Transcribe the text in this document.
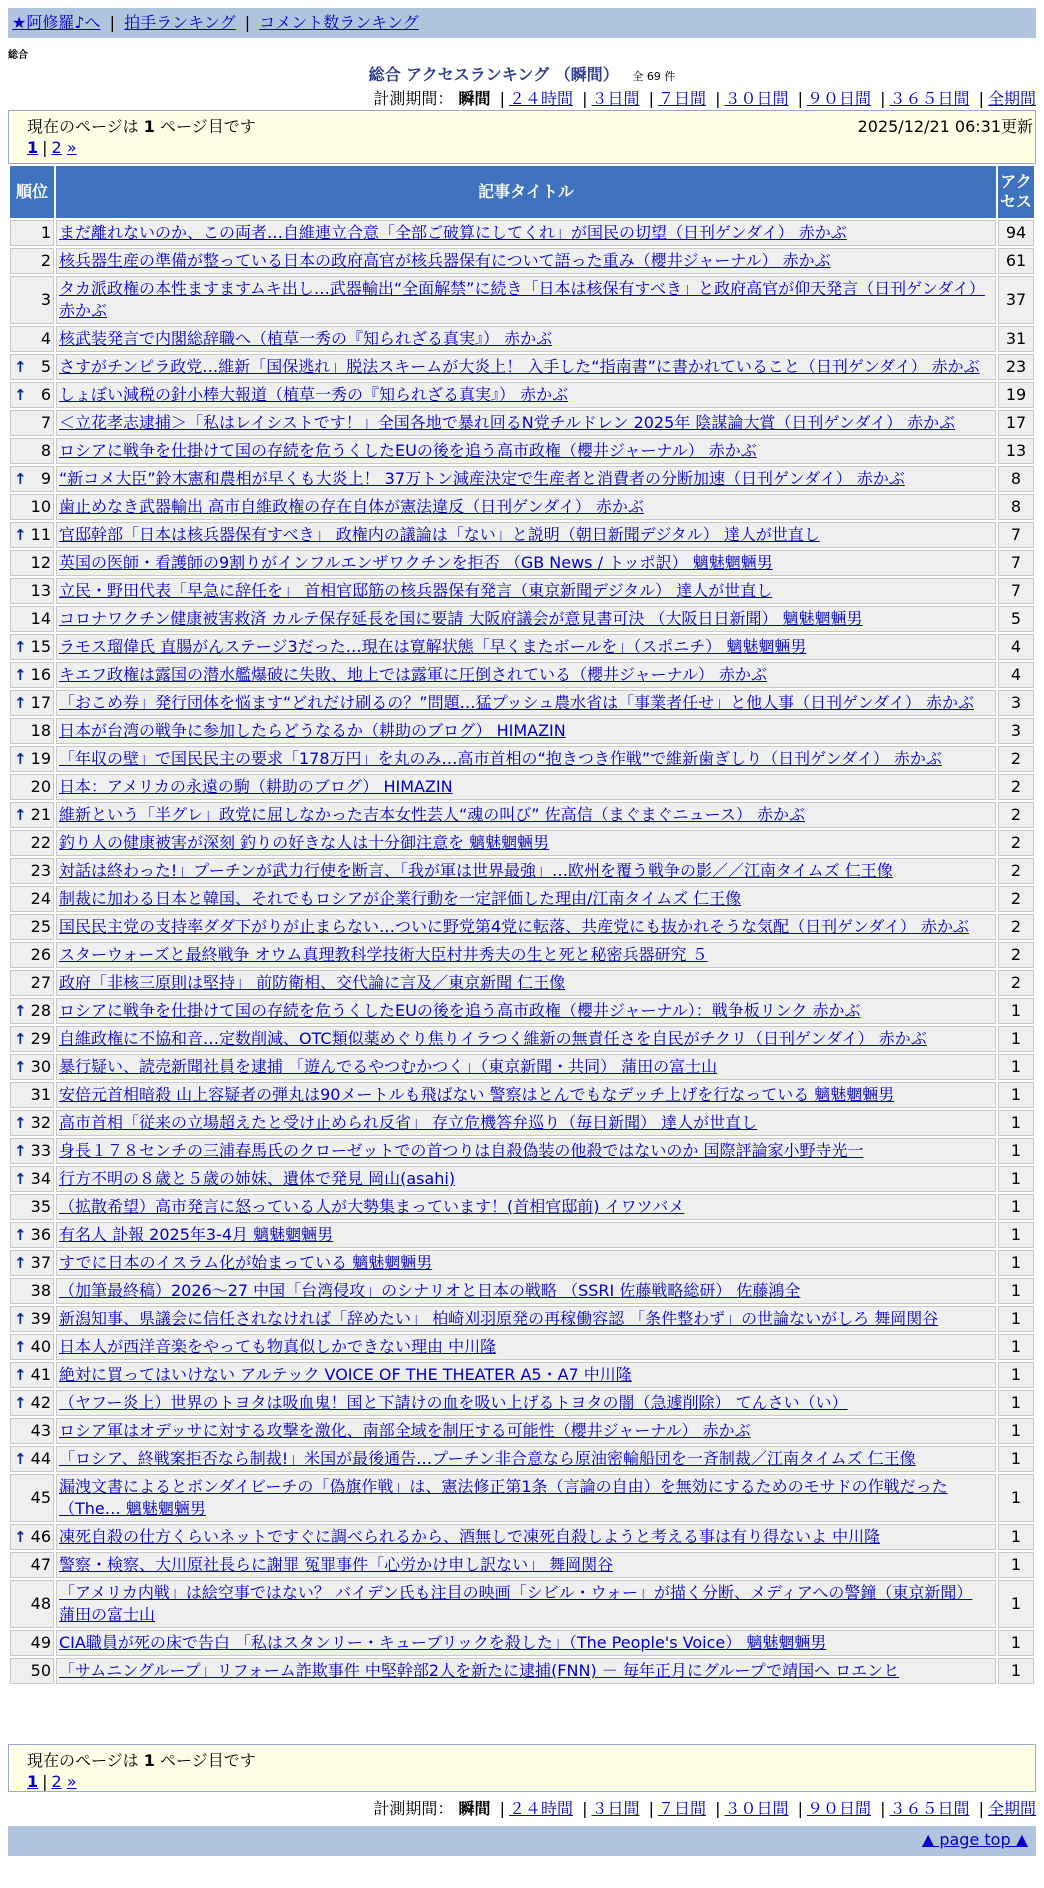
★阿修羅♪へ | 拍手ランキング | コメント数ランキング
総合
総合 アクセスランキング （瞬間） 全 69 件
計測期間： 瞬間 | ２４時間 | ３日間 | ７日間 | ３０日間 | ９０日間 | ３６５日間 | 全期間
現在のページは 1 ページ目です	2025/12/21 06:31更新
1 | 2 »
順位	記事タイトル	アクセス
1	まだ離れないのか、この両者…自維連立合意「全部ご破算にしてくれ」が国民の切望（日刊ゲンダイ） 赤かぶ	94
2	核兵器生産の準備が整っている日本の政府高官が核兵器保有について語った重み（櫻井ジャーナル） 赤かぶ	61
3	タカ派政権の本性ますますムキ出し…武器輸出“全面解禁”に続き「日本は核保有すべき」と政府高官が仰天発言（日刊ゲンダイ） 赤かぶ	37
4	核武装発言で内閣総辞職へ（植草一秀の『知られざる真実』） 赤かぶ	31

↑ 5	さすがチンピラ政党…維新「国保逃れ」脱法スキームが大炎上！ 入手した“指南書”に書かれていること（日刊ゲンダイ） 赤かぶ	23

↑ 6	しょぼい減税の針小棒大報道（植草一秀の『知られざる真実』） 赤かぶ	19
7	＜立花孝志逮捕＞「私はレイシストです！」全国各地で暴れ回るN党チルドレン 2025年 陰謀論大賞（日刊ゲンダイ） 赤かぶ	17
8	ロシアに戦争を仕掛けて国の存続を危うくしたEUの後を追う高市政権（櫻井ジャーナル） 赤かぶ	13

↑ 9	“新コメ大臣”鈴木憲和農相が早くも大炎上！ 37万トン減産決定で生産者と消費者の分断加速（日刊ゲンダイ） 赤かぶ	8
10	歯止めなき武器輸出 高市自維政権の存在自体が憲法違反（日刊ゲンダイ） 赤かぶ	8

↑ 11	官邸幹部「日本は核兵器保有すべき」 政権内の議論は「ない」と説明（朝日新聞デジタル） 達人が世直し	7
12	英国の医師・看護師の9割りがインフルエンザワクチンを拒否 （GB News / トッポ訳） 魑魅魍魎男	7
13	立民・野田代表「早急に辞任を」 首相官邸筋の核兵器保有発言（東京新聞デジタル） 達人が世直し	7
14	コロナワクチン健康被害救済 カルテ保存延長を国に要請 大阪府議会が意見書可決 （大阪日日新聞） 魑魅魍魎男	5

↑ 15	ラモス瑠偉氏 直腸がんステージ3だった…現在は寛解状態「早くまたボールを」（スポニチ） 魑魅魍魎男	4

↑ 16	キエフ政権は露国の潜水艦爆破に失敗、地上では露軍に圧倒されている（櫻井ジャーナル） 赤かぶ	4

↑ 17	「おこめ券」発行団体を悩ます“どれだけ刷るの？”問題…猛プッシュ農水省は「事業者任せ」と他人事（日刊ゲンダイ） 赤かぶ	3
18	日本が台湾の戦争に参加したらどうなるか（耕助のブログ） HIMAZIN	3

↑ 19	「年収の壁」で国民民主の要求「178万円」を丸のみ…高市首相の“抱きつき作戦”で維新歯ぎしり（日刊ゲンダイ） 赤かぶ	2
20	日本：アメリカの永遠の駒（耕助のブログ） HIMAZIN	2

↑ 21	維新という「半グレ」政党に屈しなかった吉本女性芸人“魂の叫び” 佐高信（まぐまぐニュース） 赤かぶ	2
22	釣り人の健康被害が深刻 釣りの好きな人は十分御注意を 魑魅魍魎男	2
23	対話は終わった!」プーチンが武力行使を断言、「我が軍は世界最強」…欧州を覆う戦争の影／／江南タイムズ 仁王像	2
24	制裁に加わる日本と韓国、それでもロシアが企業行動を一定評価した理由/江南タイムズ 仁王像	2
25	国民民主党の支持率ダダ下がりが止まらない…ついに野党第4党に転落、共産党にも抜かれそうな気配（日刊ゲンダイ） 赤かぶ	2
26	スターウォーズと最終戦争 オウム真理教科学技術大臣村井秀夫の生と死と秘密兵器研究 ５	2
27	政府「非核三原則は堅持」 前防衛相、交代論に言及／東京新聞 仁王像	2

↑ 28	ロシアに戦争を仕掛けて国の存続を危うくしたEUの後を追う高市政権（櫻井ジャーナル）：戦争板リンク 赤かぶ	1

↑ 29	自維政権に不協和音…定数削減、OTC類似薬めぐり焦りイラつく維新の無責任さを自民がチクリ（日刊ゲンダイ） 赤かぶ	1

↑ 30	暴行疑い、読売新聞社員を逮捕 「遊んでるやつむかつく」（東京新聞・共同） 蒲田の富士山	1
31	安倍元首相暗殺 山上容疑者の弾丸は90メートルも飛ばない 警察はとんでもなデッチ上げを行なっている 魑魅魍魎男	1

↑ 32	高市首相「従来の立場超えたと受け止められ反省」 存立危機答弁巡り（毎日新聞） 達人が世直し	1

↑ 33	身長１７８センチの三浦春馬氏のクローゼットでの首つりは自殺偽装の他殺ではないのか 国際評論家小野寺光一	1

↑ 34	行方不明の８歳と５歳の姉妹、遺体で発見 岡山(asahi)	1
35	（拡散希望）高市発言に怒っている人が大勢集まっています！(首相官邸前) イワツバメ	1

↑ 36	有名人 訃報 2025年3-4月 魑魅魍魎男	1

↑ 37	すでに日本のイスラム化が始まっている 魑魅魍魎男	1
38	（加筆最終稿）2026〜27 中国「台湾侵攻」のシナリオと日本の戦略 （SSRI 佐藤戦略総研） 佐藤鴻全	1

↑ 39	新潟知事、県議会に信任されなければ「辞めたい」 柏崎刈羽原発の再稼働容認 「条件整わず」の世論ないがしろ 舞岡関谷	1

↑ 40	日本人が西洋音楽をやっても物真似しかできない理由 中川隆	1

↑ 41	絶対に買ってはいけない アルテック VOICE OF THE THEATER A5・A7 中川隆	1

↑ 42	（ヤフー炎上）世界のトヨタは吸血鬼！国と下請けの血を吸い上げるトヨタの闇（急遽削除） てんさい（い）	1
43	ロシア軍はオデッサに対する攻撃を激化、南部全域を制圧する可能性（櫻井ジャーナル） 赤かぶ	1

↑ 44	「ロシア、終戦案拒否なら制裁!」米国が最後通告…プーチン非合意なら原油密輸船団を一斉制裁／江南タイムズ 仁王像	1
45	漏洩文書によるとボンダイビーチの「偽旗作戦」は、憲法修正第1条（言論の自由）を無効にするためのモサドの作戦だった（The… 魑魅魍魎男	1

↑ 46	凍死自殺の仕方くらいネットですぐに調べられるから、酒無しで凍死自殺しようと考える事は有り得ないよ 中川隆	1
47	警察・検察、大川原社長らに謝罪 冤罪事件「心労かけ申し訳ない」 舞岡関谷	1
48	「アメリカ内戦」は絵空事ではない？ バイデン氏も注目の映画「シビル・ウォー」が描く分断、メディアへの警鐘（東京新聞） 蒲田の富士山	1
49	CIA職員が死の床で告白 「私はスタンリー・キューブリックを殺した」（The People's Voice） 魑魅魍魎男	1
50	「サムニングループ」リフォーム詐欺事件 中堅幹部2人を新たに逮捕(FNN) － 毎年正月にグループで靖国へ ロエンヒ	1
現在のページは 1 ページ目です
1 | 2 »
計測期間： 瞬間 | ２４時間 | ３日間 | ７日間 | ３０日間 | ９０日間 | ３６５日間 | 全期間
▲ page top ▲
